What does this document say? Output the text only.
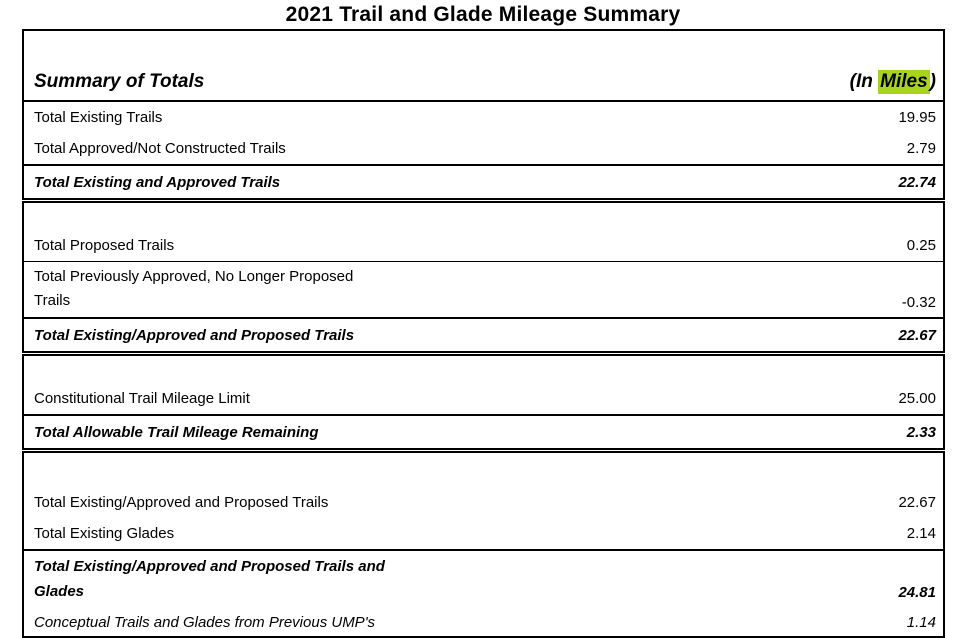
2021 Trail and Glade Mileage Summary
Summary of Totals	(In Miles )
Total Existing Trails	19.95
Total Approved/Not Constructed Trails	2.79
Total Existing and Approved Trails	22.74

Total Proposed Trails	0.25

Total Previously Approved, No Longer Proposed
Trails	-0.32
Total Existing/Approved and Proposed Trails	22.67

Constitutional Trail Mileage Limit	25.00
Total Allowable Trail Mileage Remaining	2.33

Total Existing/Approved and Proposed Trails	22.67
Total Existing Glades	2.14

Total Existing/Approved and Proposed Trails and
Glades	24.81
Conceptual Trails and Glades from Previous UMP's	1.14
